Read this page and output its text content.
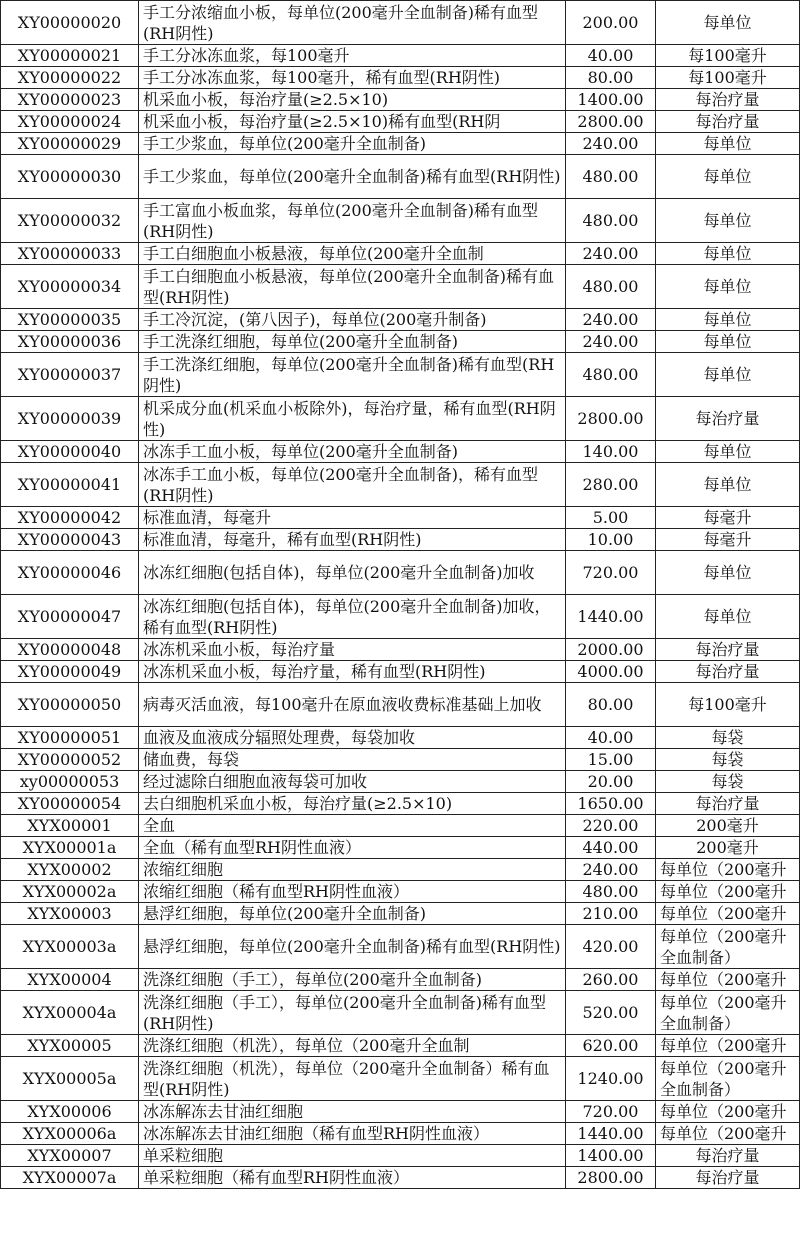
XY00000020	手工分浓缩血小板，每单位(200毫升全血制备)稀有血型(RH阴性)	200.00	每单位
XY00000021	手工分冰冻血浆，每100毫升	40.00	每100毫升
XY00000022	手工分冰冻血浆，每100毫升，稀有血型(RH阴性)	80.00	每100毫升
XY00000023	机采血小板，每治疗量(≥2.5×10)	1400.00	每治疗量
XY00000024	机采血小板，每治疗量(≥2.5×10)稀有血型(RH阴	2800.00	每治疗量
XY00000029	手工少浆血，每单位(200毫升全血制备)	240.00	每单位
XY00000030	手工少浆血，每单位(200毫升全血制备)稀有血型(RH阴性)	480.00	每单位
XY00000032	手工富血小板血浆，每单位(200毫升全血制备)稀有血型(RH阴性)	480.00	每单位
XY00000033	手工白细胞血小板悬液，每单位(200毫升全血制	240.00	每单位
XY00000034	手工白细胞血小板悬液，每单位(200毫升全血制备)稀有血型(RH阴性)	480.00	每单位
XY00000035	手工冷沉淀，(第八因子)，每单位(200毫升制备)	240.00	每单位
XY00000036	手工洗涤红细胞，每单位(200毫升全血制备)	240.00	每单位
XY00000037	手工洗涤红细胞，每单位(200毫升全血制备)稀有血型(RH阴性)	480.00	每单位
XY00000039	机采成分血(机采血小板除外)，每治疗量，稀有血型(RH阴性)	2800.00	每治疗量
XY00000040	冰冻手工血小板，每单位(200毫升全血制备)	140.00	每单位
XY00000041	冰冻手工血小板，每单位(200毫升全血制备)，稀有血型(RH阴性)	280.00	每单位
XY00000042	标准血清，每毫升	5.00	每毫升
XY00000043	标准血清，每毫升，稀有血型(RH阴性)	10.00	每毫升
XY00000046	冰冻红细胞(包括自体)，每单位(200毫升全血制备)加收	720.00	每单位
XY00000047	冰冻红细胞(包括自体)，每单位(200毫升全血制备)加收，稀有血型(RH阴性)	1440.00	每单位
XY00000048	冰冻机采血小板，每治疗量	2000.00	每治疗量
XY00000049	冰冻机采血小板，每治疗量，稀有血型(RH阴性)	4000.00	每治疗量
XY00000050	病毒灭活血液，每100毫升在原血液收费标准基础上加收	80.00	每100毫升
XY00000051	血液及血液成分辐照处理费，每袋加收	40.00	每袋
XY00000052	储血费，每袋	15.00	每袋
xy00000053	经过滤除白细胞血液每袋可加收	20.00	每袋
XY00000054	去白细胞机采血小板，每治疗量(≥2.5×10)	1650.00	每治疗量
XYX00001	全血	220.00	200毫升
XYX00001a	全血（稀有血型RH阴性血液）	440.00	200毫升
XYX00002	浓缩红细胞	240.00	每单位（200毫升
XYX00002a	浓缩红细胞（稀有血型RH阴性血液）	480.00	每单位（200毫升
XYX00003	悬浮红细胞，每单位(200毫升全血制备)	210.00	每单位（200毫升
XYX00003a	悬浮红细胞，每单位(200毫升全血制备)稀有血型(RH阴性)	420.00	每单位（200毫升全血制备）
XYX00004	洗涤红细胞（手工），每单位(200毫升全血制备)	260.00	每单位（200毫升
XYX00004a	洗涤红细胞（手工），每单位(200毫升全血制备)稀有血型(RH阴性)	520.00	每单位（200毫升全血制备）
XYX00005	洗涤红细胞（机洗），每单位（200毫升全血制	620.00	每单位（200毫升
XYX00005a	洗涤红细胞（机洗），每单位（200毫升全血制备）稀有血型(RH阴性)	1240.00	每单位（200毫升全血制备）
XYX00006	冰冻解冻去甘油红细胞	720.00	每单位（200毫升
XYX00006a	冰冻解冻去甘油红细胞（稀有血型RH阴性血液）	1440.00	每单位（200毫升
XYX00007	单采粒细胞	1400.00	每治疗量
XYX00007a	单采粒细胞（稀有血型RH阴性血液）	2800.00	每治疗量
